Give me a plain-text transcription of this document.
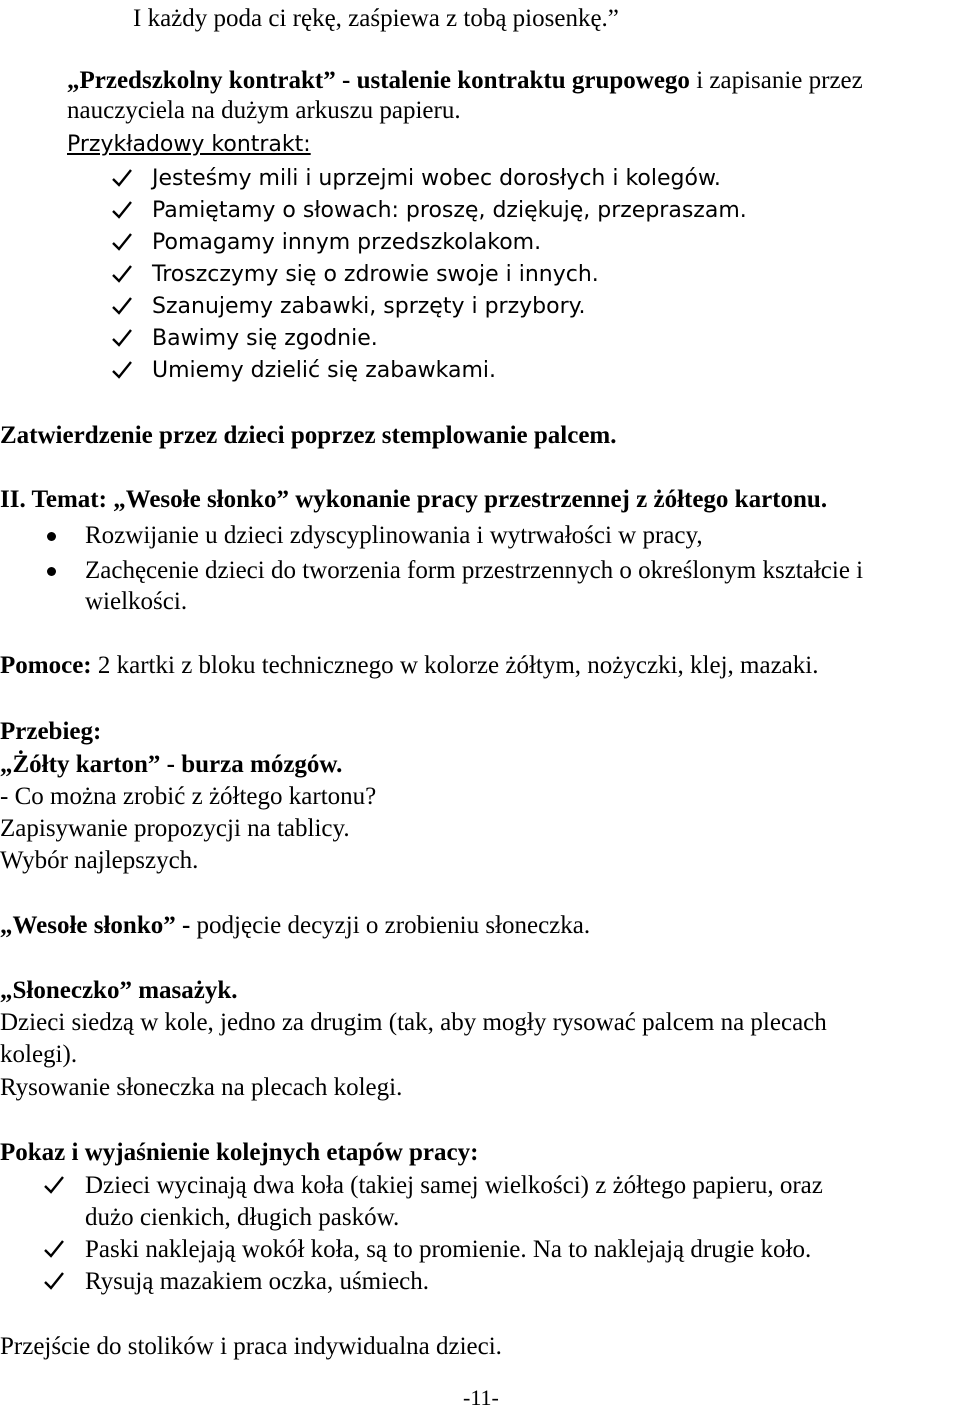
I każdy poda ci rękę, zaśpiewa z tobą piosenkę.”
„Przedszkolny kontrakt” - ustalenie kontraktu grupowego i zapisanie przez
nauczyciela na dużym arkuszu papieru.
Przykładowy kontrakt:
Jesteśmy mili i uprzejmi wobec dorosłych i kolegów.
Pamiętamy o słowach: proszę, dziękuję, przepraszam.
Pomagamy innym przedszkolakom.
Troszczymy się o zdrowie swoje i innych.
Szanujemy zabawki, sprzęty i przybory.
Bawimy się zgodnie.
Umiemy dzielić się zabawkami.
Zatwierdzenie przez dzieci poprzez stemplowanie palcem.
II. Temat: „Wesołe słonko” wykonanie pracy przestrzennej z żółtego kartonu.
Rozwijanie u dzieci zdyscyplinowania i wytrwałości w pracy,
Zachęcenie dzieci do tworzenia form przestrzennych o określonym kształcie i
wielkości.
Pomoce: 2 kartki z bloku technicznego w kolorze żółtym, nożyczki, klej, mazaki.
Przebieg:
„Żółty karton” - burza mózgów.
- Co można zrobić z żółtego kartonu?
Zapisywanie propozycji na tablicy.
Wybór najlepszych.
„Wesołe słonko” - podjęcie decyzji o zrobieniu słoneczka.
„Słoneczko” masażyk.
Dzieci siedzą w kole, jedno za drugim (tak, aby mogły rysować palcem na plecach
kolegi).
Rysowanie słoneczka na plecach kolegi.
Pokaz i wyjaśnienie kolejnych etapów pracy:
Dzieci wycinają dwa koła (takiej samej wielkości) z żółtego papieru, oraz
dużo cienkich, długich pasków.
Paski naklejają wokół koła, są to promienie. Na to naklejają drugie koło.
Rysują mazakiem oczka, uśmiech.
Przejście do stolików i praca indywidualna dzieci.
-11-
